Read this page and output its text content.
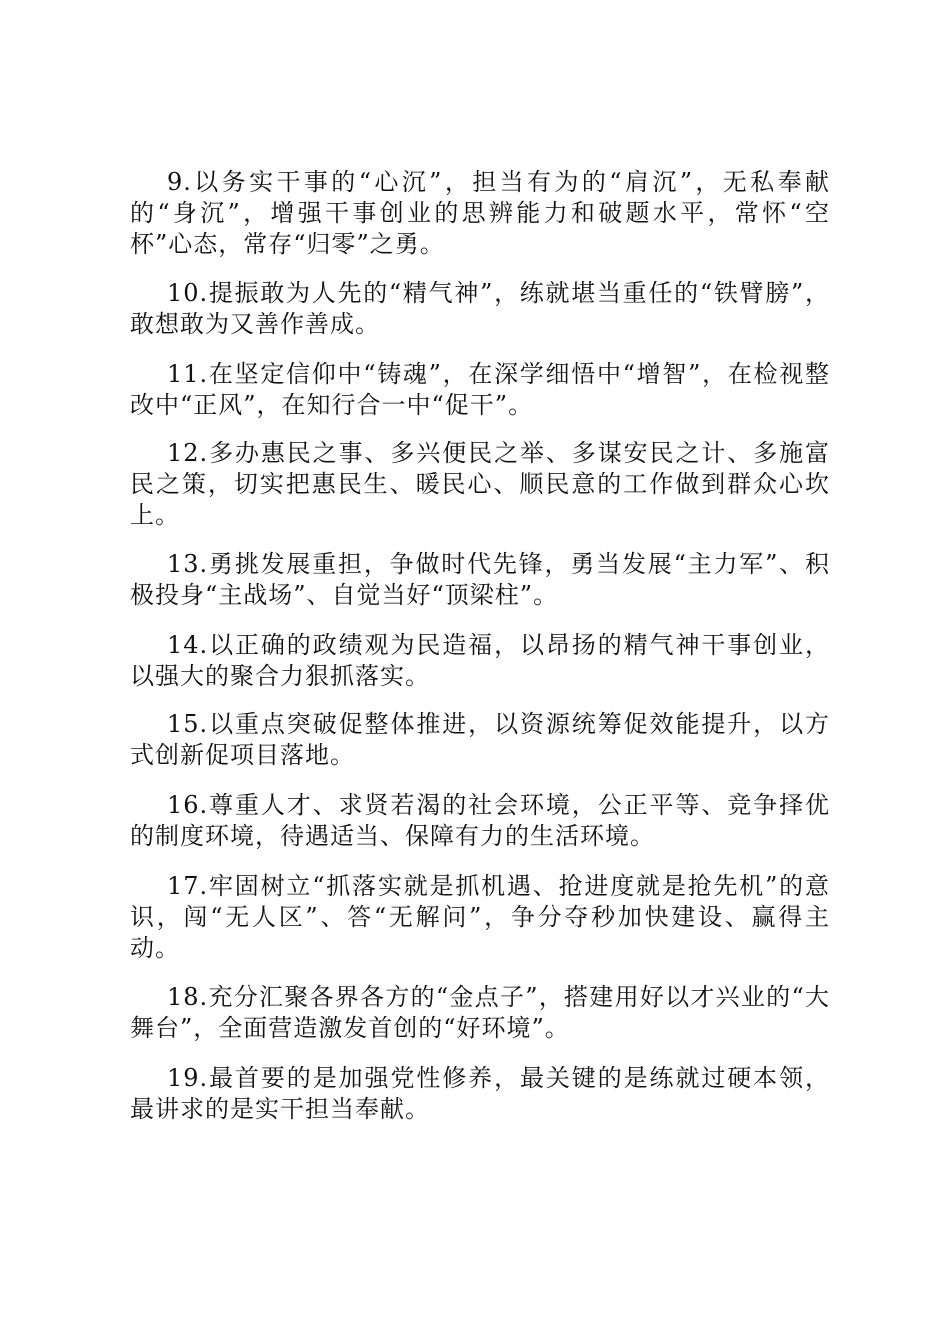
9.以务实干事的“心沉”，担当有为的“肩沉”，无私奉献的“身沉”，增强干事创业的思辨能力和破题水平，常怀“空杯”心态，常存“归零”之勇。

10.提振敢为人先的“精气神”，练就堪当重任的“铁臂膀”，敢想敢为又善作善成。

11.在坚定信仰中“铸魂”，在深学细悟中“增智”，在检视整改中“正风”，在知行合一中“促干”。

12.多办惠民之事、多兴便民之举、多谋安民之计、多施富民之策，切实把惠民生、暖民心、顺民意的工作做到群众心坎上。

13.勇挑发展重担，争做时代先锋，勇当发展“主力军”、积极投身“主战场”、自觉当好“顶梁柱”。

14.以正确的政绩观为民造福，以昂扬的精气神干事创业，以强大的聚合力狠抓落实。

15.以重点突破促整体推进，以资源统筹促效能提升，以方式创新促项目落地。

16.尊重人才、求贤若渴的社会环境，公正平等、竞争择优的制度环境，待遇适当、保障有力的生活环境。

17.牢固树立“抓落实就是抓机遇、抢进度就是抢先机”的意识，闯“无人区”、答“无解问”，争分夺秒加快建设、赢得主动。

18.充分汇聚各界各方的“金点子”，搭建用好以才兴业的“大舞台”，全面营造激发首创的“好环境”。

19.最首要的是加强党性修养，最关键的是练就过硬本领，最讲求的是实干担当奉献。
